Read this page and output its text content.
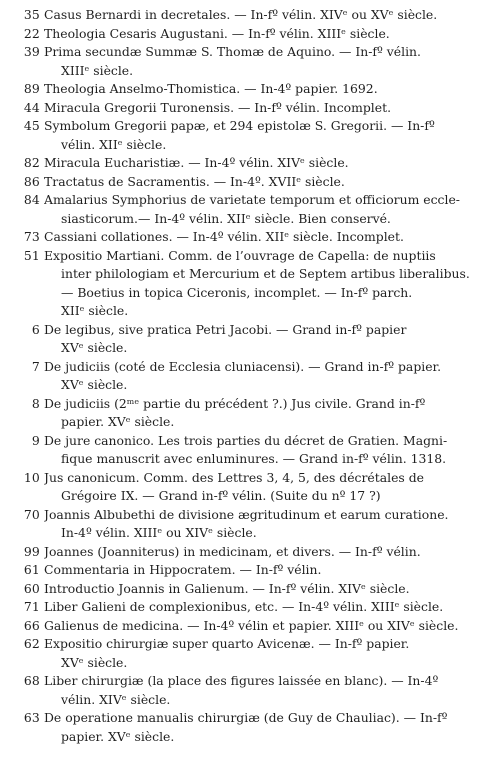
35 Casus Bernardi in decretales. — In-fº vélin. XIVᵉ ou XVᵉ siècle.
22 Theologia Cesaris Augustani. — In-fº vélin. XIIIᵉ siècle.
39 Prima secundæ Summæ S. Thomæ de Aquino. — In-fº vélin.
XIIIᵉ siècle.
89 Theologia Anselmo-Thomistica. — In-4º papier. 1692.
44 Miracula Gregorii Turonensis. — In-fº vélin. Incomplet.
45 Symbolum Gregorii papæ, et 294 epistolæ S. Gregorii. — In-fº
vélin. XIIᵉ siècle.
82 Miracula Eucharistiæ. — In-4º vélin. XIVᵉ siècle.
86 Tractatus de Sacramentis. — In-4º. XVIIᵉ siècle.
84 Amalarius Symphorius de varietate temporum et officiorum eccle-
siasticorum.— In-4º vélin. XIIᵉ siècle. Bien conservé.
73 Cassiani collationes. — In-4º vélin. XIIᵉ siècle. Incomplet.
51 Expositio Martiani. Comm. de l’ouvrage de Capella: de nuptiis
inter philologiam et Mercurium et de Septem artibus liberalibus.
— Boetius in topica Ciceronis, incomplet. — In-fº parch.
XIIᵉ siècle.
6 De legibus, sive pratica Petri Jacobi. — Grand in-fº papier
XVᵉ siècle.
7 De judiciis (coté de Ecclesia cluniacensi). — Grand in-fº papier.
XVᵉ siècle.
8 De judiciis (2ᵐᵉ partie du précédent ?.) Jus civile. Grand in-fº
papier. XVᵉ siècle.
9 De jure canonico. Les trois parties du décret de Gratien. Magni-
fique manuscrit avec enluminures. — Grand in-fº vélin. 1318.
10 Jus canonicum. Comm. des Lettres 3, 4, 5, des décrétales de
Grégoire IX. — Grand in-fº vélin. (Suite du nº 17 ?)
70 Joannis Albubethi de divisione ægritudinum et earum curatione.
In-4º vélin. XIIIᵉ ou XIVᵉ siècle.
99 Joannes (Joanniterus) in medicinam, et divers. — In-fº vélin.
61 Commentaria in Hippocratem. — In-fº vélin.
60 Introductio Joannis in Galienum. — In-fº vélin. XIVᵉ siècle.
71 Liber Galieni de complexionibus, etc. — In-4º vélin. XIIIᵉ siècle.
66 Galienus de medicina. — In-4º vélin et papier. XIIIᵉ ou XIVᵉ siècle.
62 Expositio chirurgiæ super quarto Avicenæ. — In-fº papier.
XVᵉ siècle.
68 Liber chirurgiæ (la place des figures laissée en blanc). — In-4º
vélin. XIVᵉ siècle.
63 De operatione manualis chirurgiæ (de Guy de Chauliac). — In-fº
papier. XVᵉ siècle.
